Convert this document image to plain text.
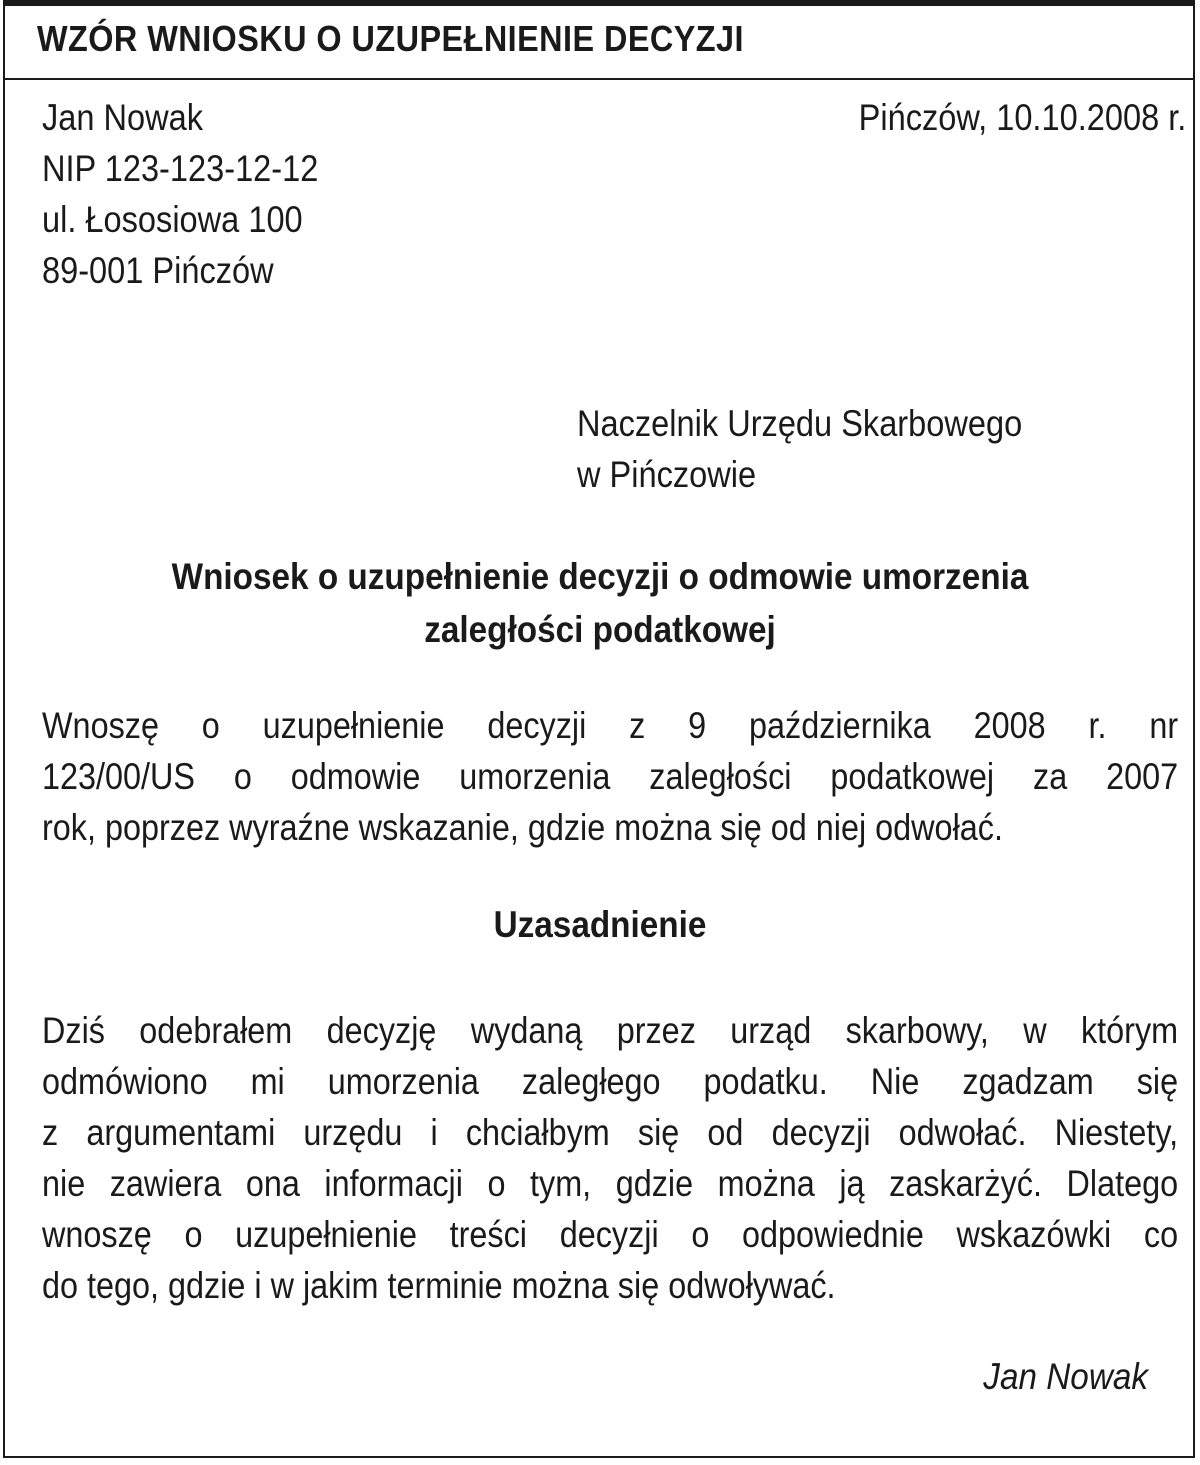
WZÓR WNIOSKU O UZUPEŁNIENIE DECYZJI
Jan Nowak
NIP 123-123-12-12
ul. Łososiowa 100
89-001 Pińczów
Pińczów, 10.10.2008 r.
Naczelnik Urzędu Skarbowego
w Pińczowie
Wniosek o uzupełnienie decyzji o odmowie umorzenia
zaległości podatkowej
Wnoszę o uzupełnienie decyzji z 9 października 2008 r. nr
123/00/US o odmowie umorzenia zaległości podatkowej za 2007
rok, poprzez wyraźne wskazanie, gdzie można się od niej odwołać.
Uzasadnienie
Dziś odebrałem decyzję wydaną przez urząd skarbowy, w którym
odmówiono mi umorzenia zaległego podatku. Nie zgadzam się
z argumentami urzędu i chciałbym się od decyzji odwołać. Niestety,
nie zawiera ona informacji o tym, gdzie można ją zaskarżyć. Dlatego
wnoszę o uzupełnienie treści decyzji o odpowiednie wskazówki co
do tego, gdzie i w jakim terminie można się odwoływać.
Jan Nowak
